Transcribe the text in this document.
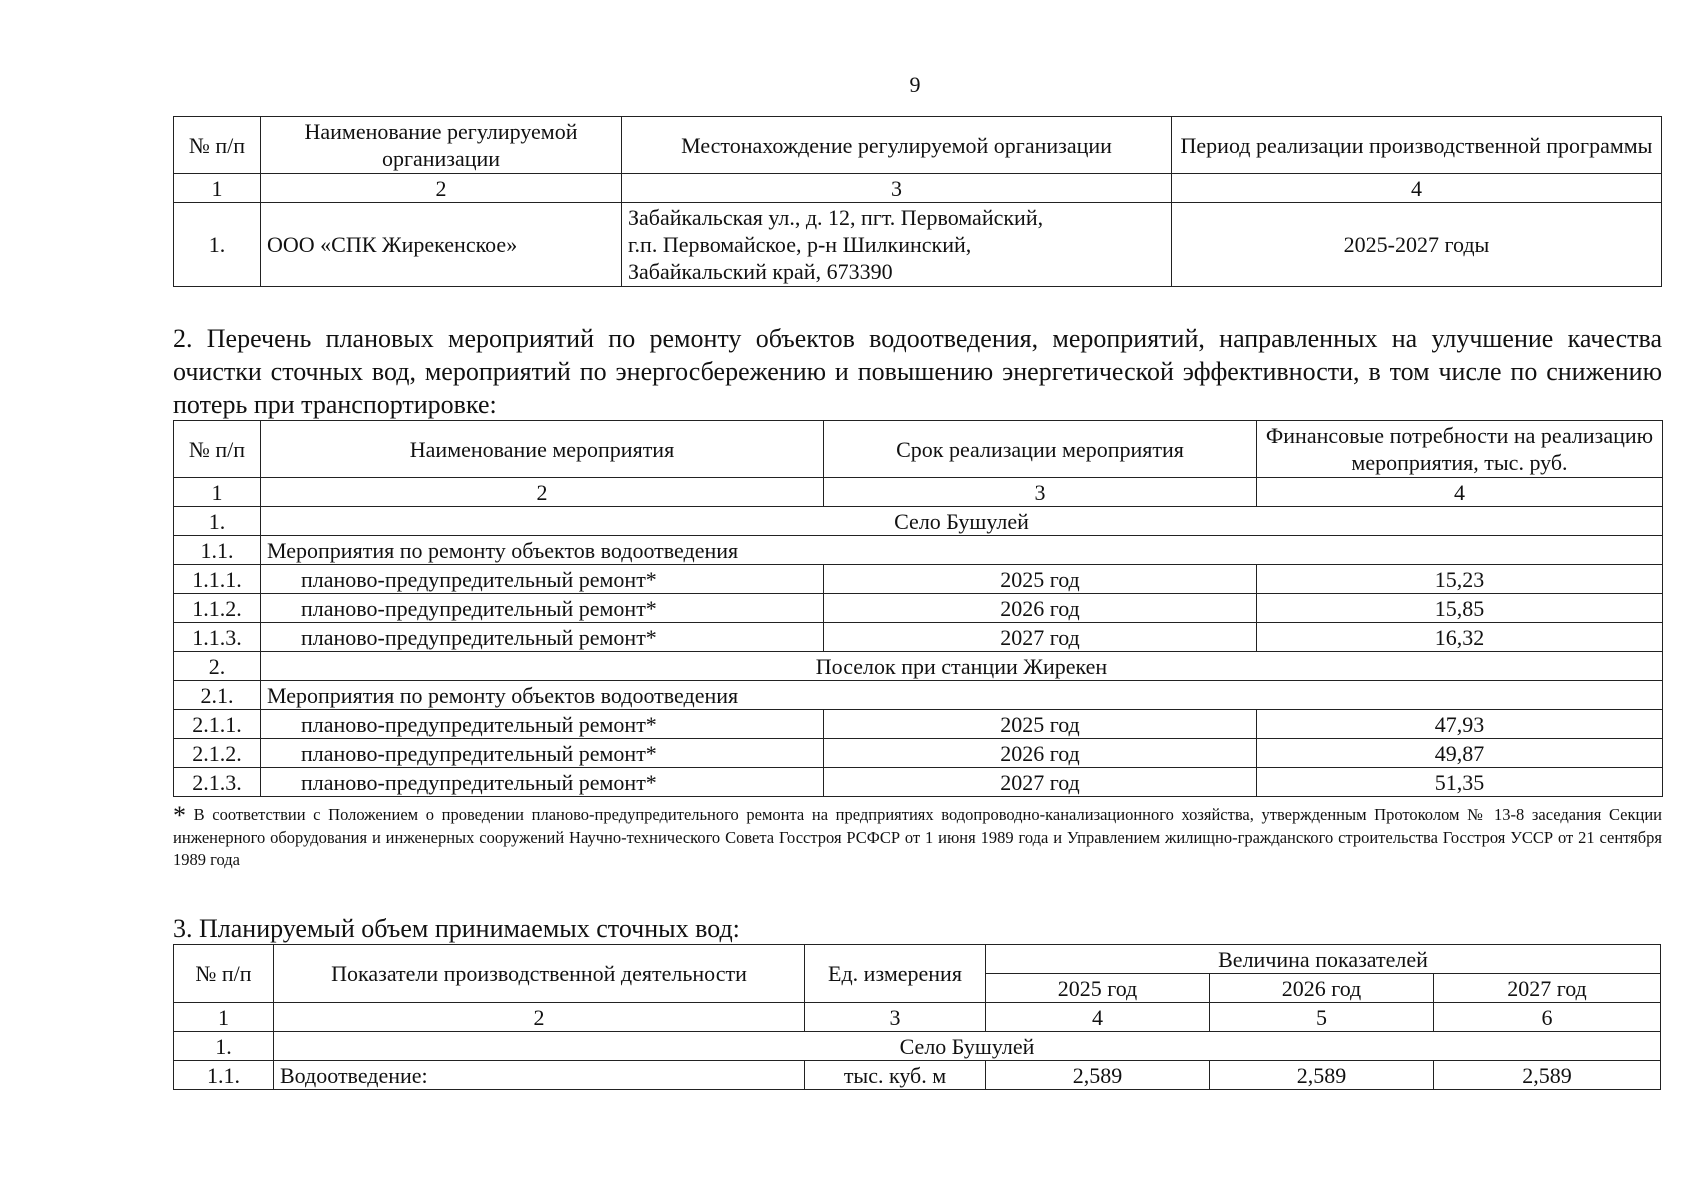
9
№ п/п	Наименование регулируемой организации	Местонахождение регулируемой организации	Период реализации производственной программы
1	2	3	4
1.	ООО «СПК Жирекенское»	Забайкальская ул., д. 12, пгт. Первомайский,
г.п. Первомайское, р-н Шилкинский,
Забайкальский край, 673390	2025-2027 годы
2. Перечень плановых мероприятий по ремонту объектов водоотведения, мероприятий, направленных на улучшение качества очистки сточных вод, мероприятий по энергосбережению и повышению энергетической эффективности, в том числе по снижению потерь при транспортировке:
№ п/п	Наименование мероприятия	Срок реализации мероприятия	Финансовые потребности на реализацию мероприятия, тыс. руб.
1	2	3	4
1.	Село Бушулей		
1.1.	Мероприятия по ремонту объектов водоотведения		
1.1.1.	планово-предупредительный ремонт*	2025 год	15,23
1.1.2.	планово-предупредительный ремонт*	2026 год	15,85
1.1.3.	планово-предупредительный ремонт*	2027 год	16,32
2.	Поселок при станции Жирекен		
2.1.	Мероприятия по ремонту объектов водоотведения		
2.1.1.	планово-предупредительный ремонт*	2025 год	47,93
2.1.2.	планово-предупредительный ремонт*	2026 год	49,87
2.1.3.	планово-предупредительный ремонт*	2027 год	51,35
* В соответствии с Положением о проведении планово-предупредительного ремонта на предприятиях водопроводно-канализационного хозяйства, утвержденным Протоколом № 13-8 заседания Секции инженерного оборудования и инженерных сооружений Научно-технического Совета Госстроя РСФСР от 1 июня 1989 года и Управлением жилищно-гражданского строительства Госстроя УССР от 21 сентября 1989 года
3. Планируемый объем принимаемых сточных вод:
№ п/п	Показатели производственной деятельности	Ед. измерения	Величина показателей		
			2025 год	2026 год	2027 год
1	2	3	4	5	6
1.	Село Бушулей				
1.1.	Водоотведение:	тыс. куб. м	2,589	2,589	2,589
